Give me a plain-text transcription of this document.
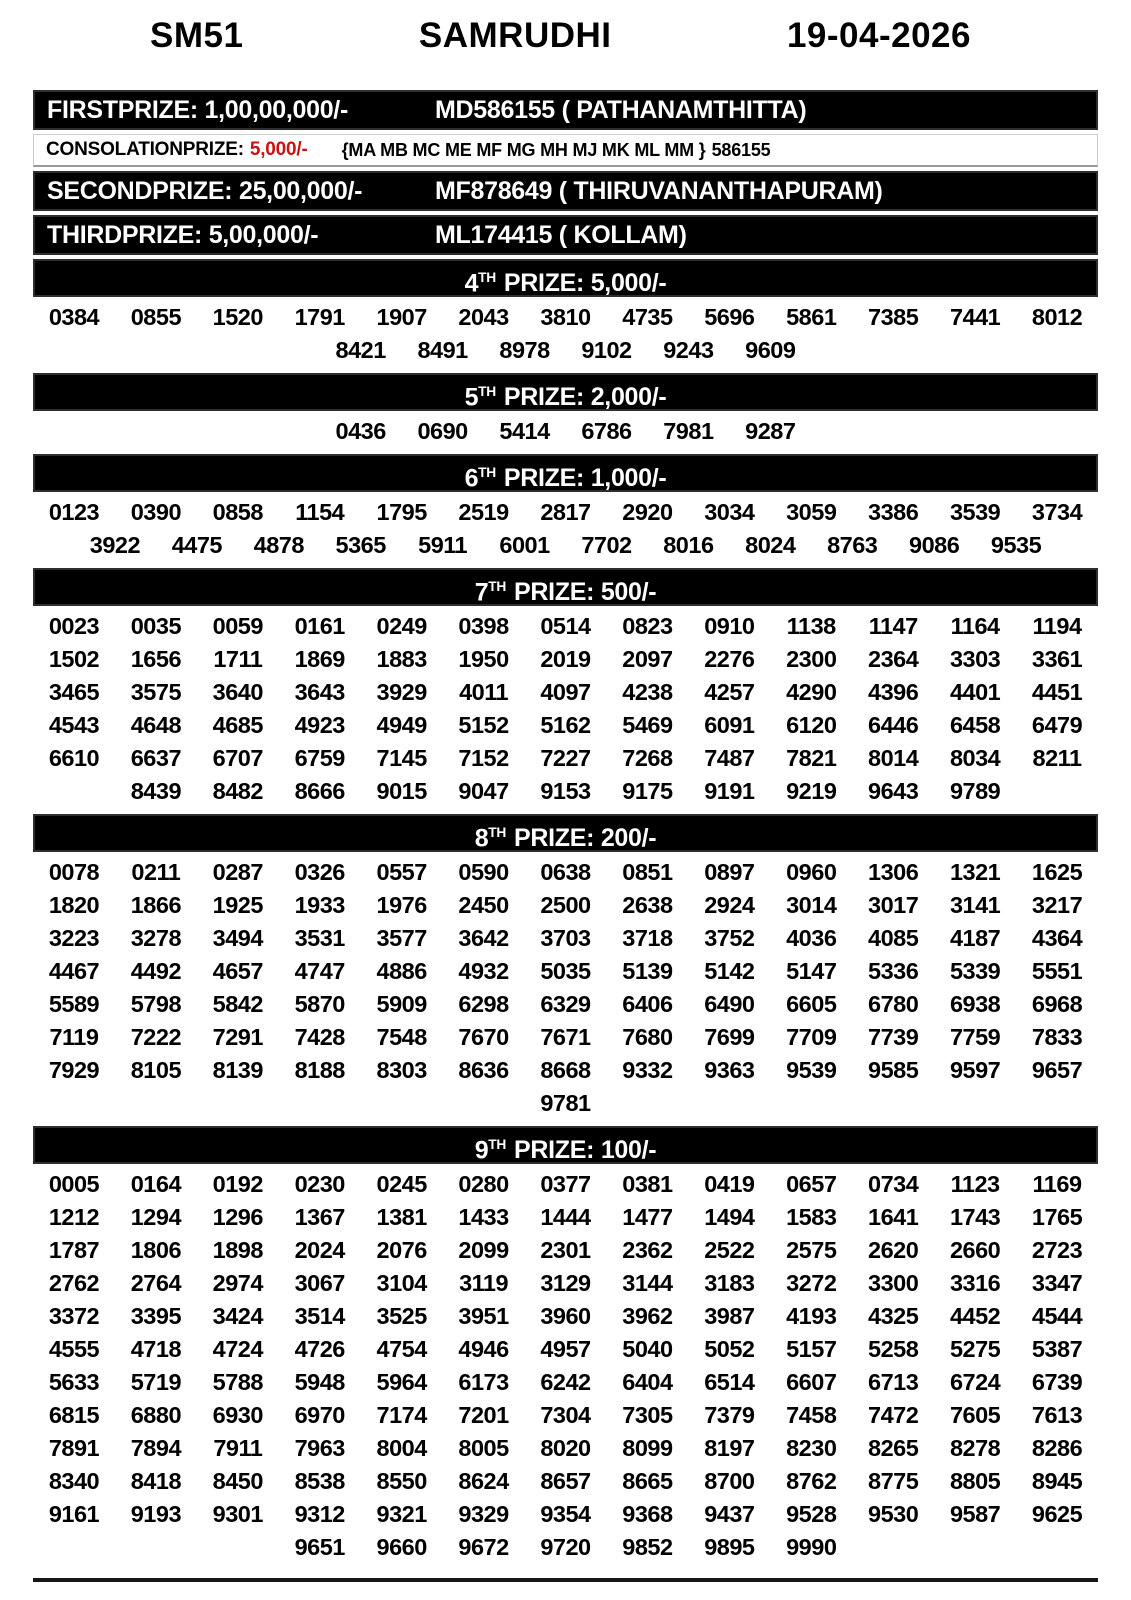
SM51	SAMRUDHI	19-04-2026
FIRSTPRIZE: 1,00,00,000/-	MD586155 ( PATHANAMTHITTA)
CONSOLATIONPRIZE: 5,000/- {MA MB MC ME MF MG MH MJ MK ML MM } 586155
SECONDPRIZE: 25,00,000/-	MF878649 ( THIRUVANANTHAPURAM)
THIRDPRIZE: 5,00,000/-	ML174415 ( KOLLAM)
4TH PRIZE: 5,000/-
0384	0855	1520	1791	1907	2043	3810	4735	5696	5861	7385	7441	8012
8421	8491	8978	9102	9243	9609
5TH PRIZE: 2,000/-
0436	0690	5414	6786	7981	9287
6TH PRIZE: 1,000/-
0123	0390	0858	1154	1795	2519	2817	2920	3034	3059	3386	3539	3734
3922	4475	4878	5365	5911	6001	7702	8016	8024	8763	9086	9535
7TH PRIZE: 500/-
0023	0035	0059	0161	0249	0398	0514	0823	0910	1138	1147	1164	1194
1502	1656	1711	1869	1883	1950	2019	2097	2276	2300	2364	3303	3361
3465	3575	3640	3643	3929	4011	4097	4238	4257	4290	4396	4401	4451
4543	4648	4685	4923	4949	5152	5162	5469	6091	6120	6446	6458	6479
6610	6637	6707	6759	7145	7152	7227	7268	7487	7821	8014	8034	8211
8439	8482	8666	9015	9047	9153	9175	9191	9219	9643	9789
8TH PRIZE: 200/-
0078	0211	0287	0326	0557	0590	0638	0851	0897	0960	1306	1321	1625
1820	1866	1925	1933	1976	2450	2500	2638	2924	3014	3017	3141	3217
3223	3278	3494	3531	3577	3642	3703	3718	3752	4036	4085	4187	4364
4467	4492	4657	4747	4886	4932	5035	5139	5142	5147	5336	5339	5551
5589	5798	5842	5870	5909	6298	6329	6406	6490	6605	6780	6938	6968
7119	7222	7291	7428	7548	7670	7671	7680	7699	7709	7739	7759	7833
7929	8105	8139	8188	8303	8636	8668	9332	9363	9539	9585	9597	9657
9781
9TH PRIZE: 100/-
0005	0164	0192	0230	0245	0280	0377	0381	0419	0657	0734	1123	1169
1212	1294	1296	1367	1381	1433	1444	1477	1494	1583	1641	1743	1765
1787	1806	1898	2024	2076	2099	2301	2362	2522	2575	2620	2660	2723
2762	2764	2974	3067	3104	3119	3129	3144	3183	3272	3300	3316	3347
3372	3395	3424	3514	3525	3951	3960	3962	3987	4193	4325	4452	4544
4555	4718	4724	4726	4754	4946	4957	5040	5052	5157	5258	5275	5387
5633	5719	5788	5948	5964	6173	6242	6404	6514	6607	6713	6724	6739
6815	6880	6930	6970	7174	7201	7304	7305	7379	7458	7472	7605	7613
7891	7894	7911	7963	8004	8005	8020	8099	8197	8230	8265	8278	8286
8340	8418	8450	8538	8550	8624	8657	8665	8700	8762	8775	8805	8945
9161	9193	9301	9312	9321	9329	9354	9368	9437	9528	9530	9587	9625
9651	9660	9672	9720	9852	9895	9990
